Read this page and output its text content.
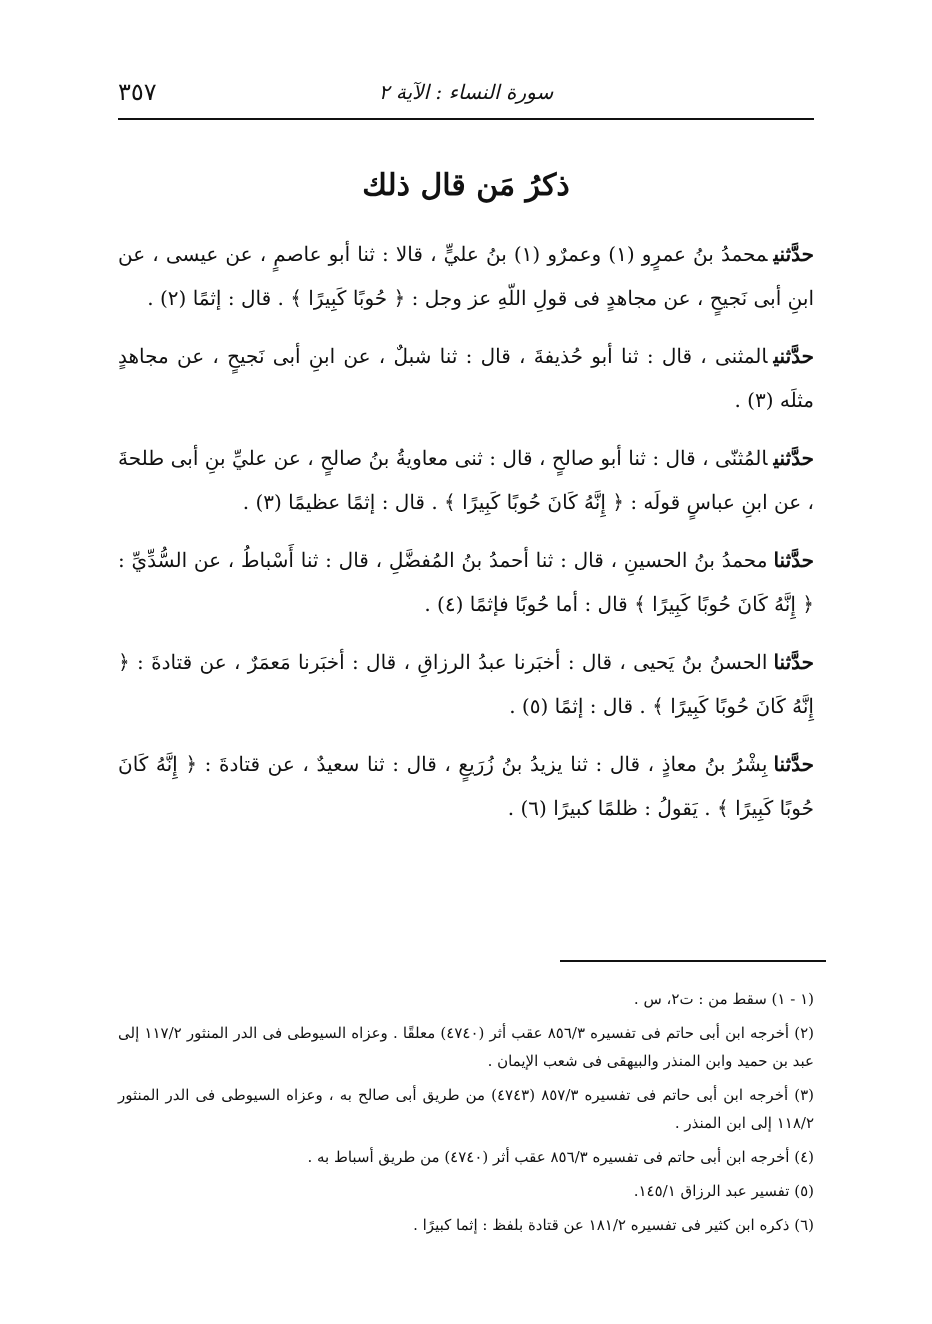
٣٥٧	سورة النساء : الآية ٢
ذكرُ مَن قال ذلك

حدَّثنيمحمدُ بنُ عمرٍو (١) وعمرٌو (١) بنُ عليٍّ ، قالا : ثنا أبو عاصمٍ ، عن عيسى ، عن ابنِ أبى نَجيحٍ ، عن مجاهدٍ فى قولِ اللّهِ عز وجل : ﴿ حُوبًا كَبِيرًا ﴾ . قال : إثمًا (٢) .

حدَّثنيالمثنى ، قال : ثنا أبو حُذيفةَ ، قال : ثنا شبلٌ ، عن ابنِ أبى نَجيحٍ ، عن مجاهدٍ مثلَه (٣) .

حدَّثنيالمُثنّى ، قال : ثنا أبو صالحٍ ، قال : ثنى معاويةُ بنُ صالحٍ ، عن عليِّ بنِ أبى طلحةَ ، عن ابنِ عباسٍ قولَه : ﴿ إِنَّهُ كَانَ حُوبًا كَبِيرًا ﴾ . قال : إثمًا عظيمًا (٣) .

حدَّثنامحمدُ بنُ الحسينِ ، قال : ثنا أحمدُ بنُ المُفضَّلِ ، قال : ثنا أَسْباطُ ، عن السُّدِّيِّ : ﴿ إِنَّهُ كَانَ حُوبًا كَبِيرًا ﴾ قال : أما حُوبًا فإثمًا (٤) .

حدَّثناالحسنُ بنُ يَحيى ، قال : أخبَرنا عبدُ الرزاقِ ، قال : أخبَرنا مَعمَرٌ ، عن قتادةَ : ﴿ إِنَّهُ كَانَ حُوبًا كَبِيرًا ﴾ . قال : إثمًا (٥) .

حدَّثنابِشْرُ بنُ معاذٍ ، قال : ثنا يزيدُ بنُ زُرَيعٍ ، قال : ثنا سعيدٌ ، عن قتادةَ : ﴿ إِنَّهُ كَانَ حُوبًا كَبِيرًا ﴾ . يَقولُ : ظلمًا كبيرًا (٦) .

(١ - ١) سقط من : ت٢، س .

(٢) أخرجه ابن أبى حاتم فى تفسيره ٨٥٦/٣ عقب أثر (٤٧٤٠) معلقًا . وعزاه السيوطى فى الدر المنثور ١١٧/٢ إلى عبد بن حميد وابن المنذر والبيهقى فى شعب الإيمان .

(٣) أخرجه ابن أبى حاتم فى تفسيره ٨٥٧/٣ (٤٧٤٣) من طريق أبى صالح به ، وعزاه السيوطى فى الدر المنثور ١١٨/٢ إلى ابن المنذر .

(٤) أخرجه ابن أبى حاتم فى تفسيره ٨٥٦/٣ عقب أثر (٤٧٤٠) من طريق أسباط به .

(٥) تفسير عبد الرزاق ١٤٥/١.

(٦) ذكره ابن كثير فى تفسيره ١٨١/٢ عن قتادة بلفظ : إثما كبيرًا .
